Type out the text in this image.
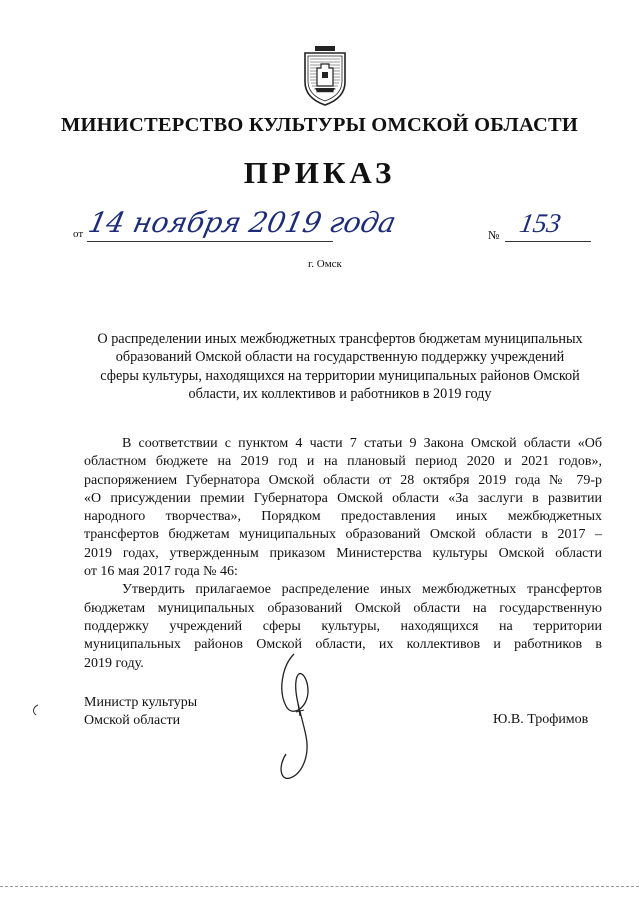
МИНИСТЕРСТВО КУЛЬТУРЫ ОМСКОЙ ОБЛАСТИ
ПРИКАЗ
от 14 ноября 2019 года	№ 153
г. Омск
О распределении иных межбюджетных трансфертов бюджетам муниципальных
образований Омской области на государственную поддержку учреждений
сферы культуры, находящихся на территории муниципальных районов Омской
области, их коллективов и работников в 2019 году
В соответствии с пунктом 4 части 7 статьи 9 Закона Омской области «Об
областном бюджете на 2019 год и на плановый период 2020 и 2021 годов»,
распоряжением Губернатора Омской области от 28 октября 2019 года № 79-р
«О присуждении премии Губернатора Омской области «За заслуги в развитии
народного творчества», Порядком предоставления иных межбюджетных
трансфертов бюджетам муниципальных образований Омской области в 2017 –
2019 годах, утвержденным приказом Министерства культуры Омской области
от 16 мая 2017 года № 46:
Утвердить прилагаемое распределение иных межбюджетных трансфертов
бюджетам муниципальных образований Омской области на государственную
поддержку учреждений сферы культуры, находящихся на территории
муниципальных районов Омской области, их коллективов и работников в
2019 году.
Министр культуры
Омской области	Ю.В. Трофимов
